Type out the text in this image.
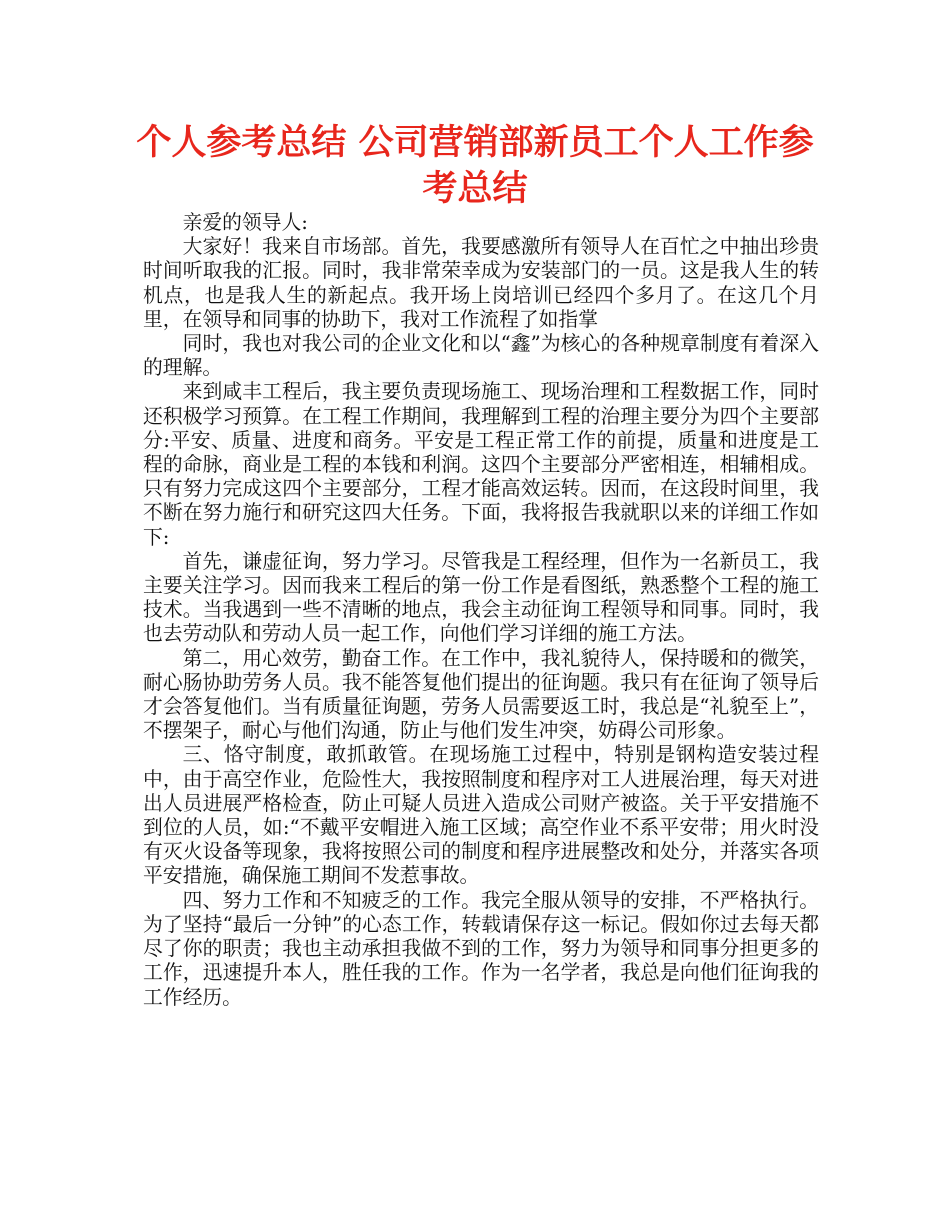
个人参考总结 公司营销部新员工个人工作参考总结

亲爱的领导人:

大家好！我来自市场部。首先，我要感激所有领导人在百忙之中抽出珍贵时间听取我的汇报。同时，我非常荣幸成为安装部门的一员。这是我人生的转机点，也是我人生的新起点。我开场上岗培训已经四个多月了。在这几个月里，在领导和同事的协助下，我对工作流程了如指掌

同时，我也对我公司的企业文化和以“鑫”为核心的各种规章制度有着深入的理解。

来到咸丰工程后，我主要负责现场施工、现场治理和工程数据工作，同时还积极学习预算。在工程工作期间，我理解到工程的治理主要分为四个主要部分:平安、质量、进度和商务。平安是工程正常工作的前提，质量和进度是工程的命脉，商业是工程的本钱和利润。这四个主要部分严密相连，相辅相成。只有努力完成这四个主要部分，工程才能高效运转。因而，在这段时间里，我不断在努力施行和研究这四大任务。下面，我将报告我就职以来的详细工作如下:

首先，谦虚征询，努力学习。尽管我是工程经理，但作为一名新员工，我主要关注学习。因而我来工程后的第一份工作是看图纸，熟悉整个工程的施工技术。当我遇到一些不清晰的地点，我会主动征询工程领导和同事。同时，我也去劳动队和劳动人员一起工作，向他们学习详细的施工方法。

第二，用心效劳，勤奋工作。在工作中，我礼貌待人，保持暖和的微笑，耐心肠协助劳务人员。我不能答复他们提出的征询题。我只有在征询了领导后才会答复他们。当有质量征询题，劳务人员需要返工时，我总是“礼貌至上”，不摆架子，耐心与他们沟通，防止与他们发生冲突，妨碍公司形象。

三、恪守制度，敢抓敢管。在现场施工过程中，特别是钢构造安装过程中，由于高空作业，危险性大，我按照制度和程序对工人进展治理，每天对进出人员进展严格检查，防止可疑人员进入造成公司财产被盗。关于平安措施不到位的人员，如:“不戴平安帽进入施工区域；高空作业不系平安带；用火时没有灭火设备等现象，我将按照公司的制度和程序进展整改和处分，并落实各项平安措施，确保施工期间不发惹事故。

四、努力工作和不知疲乏的工作。我完全服从领导的安排，不严格执行。为了坚持“最后一分钟”的心态工作，转载请保存这一标记。假如你过去每天都尽了你的职责；我也主动承担我做不到的工作，努力为领导和同事分担更多的工作，迅速提升本人，胜任我的工作。作为一名学者，我总是向他们征询我的工作经历。
